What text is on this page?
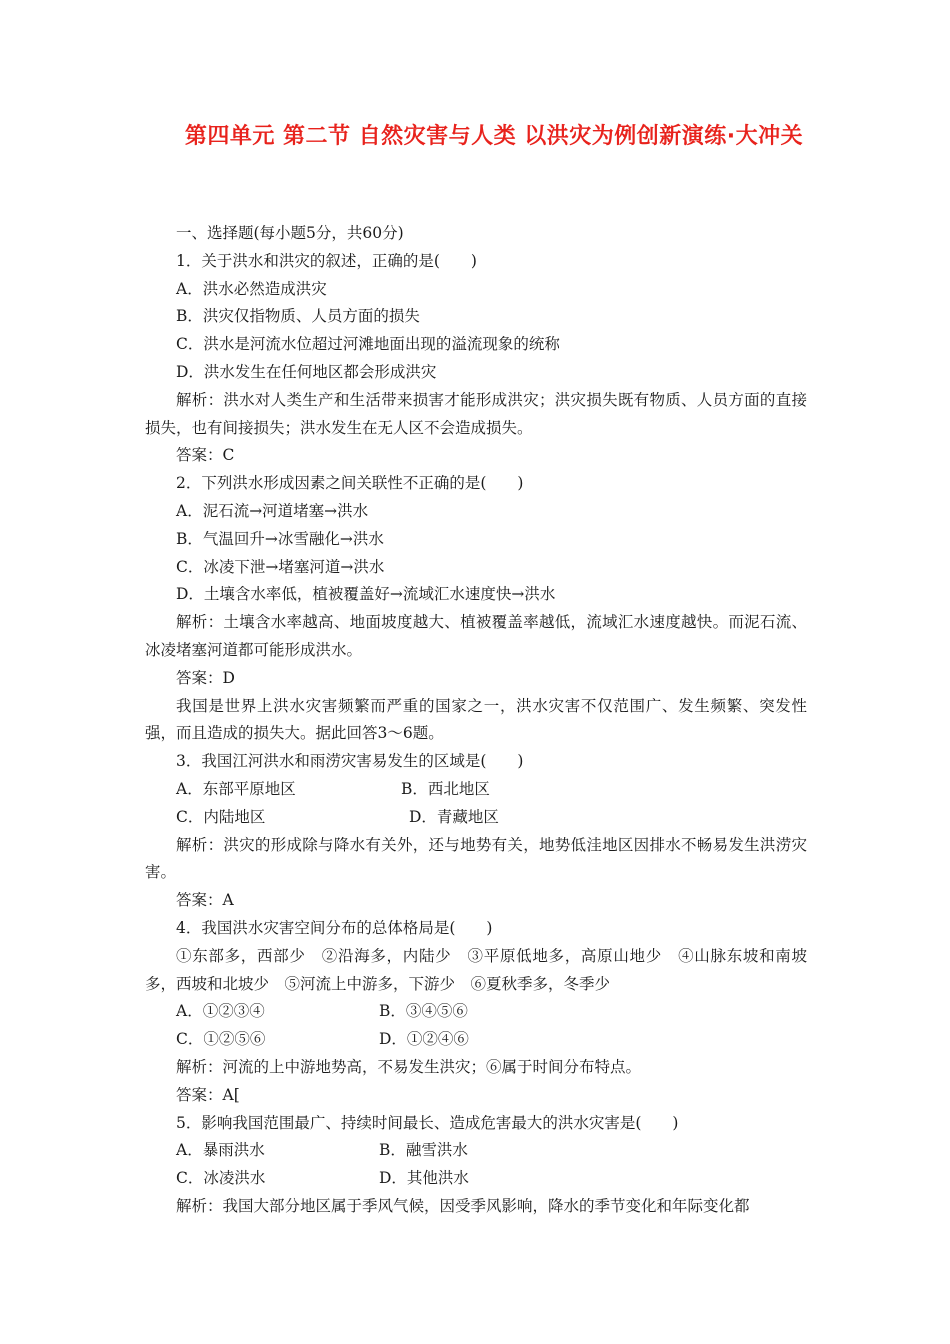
第四单元 第二节 自然灾害与人类 以洪灾为例创新演练·大冲关

一、选择题(每小题5分，共60分)

1．关于洪水和洪灾的叙述，正确的是(　　)

A．洪水必然造成洪灾

B．洪灾仅指物质、人员方面的损失

C．洪水是河流水位超过河滩地面出现的溢流现象的统称

D．洪水发生在任何地区都会形成洪灾

解析：洪水对人类生产和生活带来损害才能形成洪灾；洪灾损失既有物质、人员方面的直接损失，也有间接损失；洪水发生在无人区不会造成损失。

答案：C

2．下列洪水形成因素之间关联性不正确的是(　　)

A．泥石流→河道堵塞→洪水

B．气温回升→冰雪融化→洪水

C．冰凌下泄→堵塞河道→洪水

D．土壤含水率低，植被覆盖好→流域汇水速度快→洪水

解析：土壤含水率越高、地面坡度越大、植被覆盖率越低，流域汇水速度越快。而泥石流、冰凌堵塞河道都可能形成洪水。

答案：D

我国是世界上洪水灾害频繁而严重的国家之一，洪水灾害不仅范围广、发生频繁、突发性强，而且造成的损失大。据此回答3～6题。

3．我国江河洪水和雨涝灾害易发生的区域是(　　)

A．东部平原地区	B．西北地区

C．内陆地区	D．青藏地区

解析：洪灾的形成除与降水有关外，还与地势有关，地势低洼地区因排水不畅易发生洪涝灾害。

答案：A

4．我国洪水灾害空间分布的总体格局是(　　)

①东部多，西部少　②沿海多，内陆少　③平原低地多，高原山地少　④山脉东坡和南坡多，西坡和北坡少　⑤河流上中游多，下游少　⑥夏秋季多，冬季少

A．①②③④	B．③④⑤⑥

C．①②⑤⑥	D．①②④⑥

解析：河流的上中游地势高，不易发生洪灾；⑥属于时间分布特点。

答案：A[

5．影响我国范围最广、持续时间最长、造成危害最大的洪水灾害是(　　)

A．暴雨洪水	B．融雪洪水

C．冰凌洪水	D．其他洪水

解析：我国大部分地区属于季风气候，因受季风影响，降水的季节变化和年际变化都
